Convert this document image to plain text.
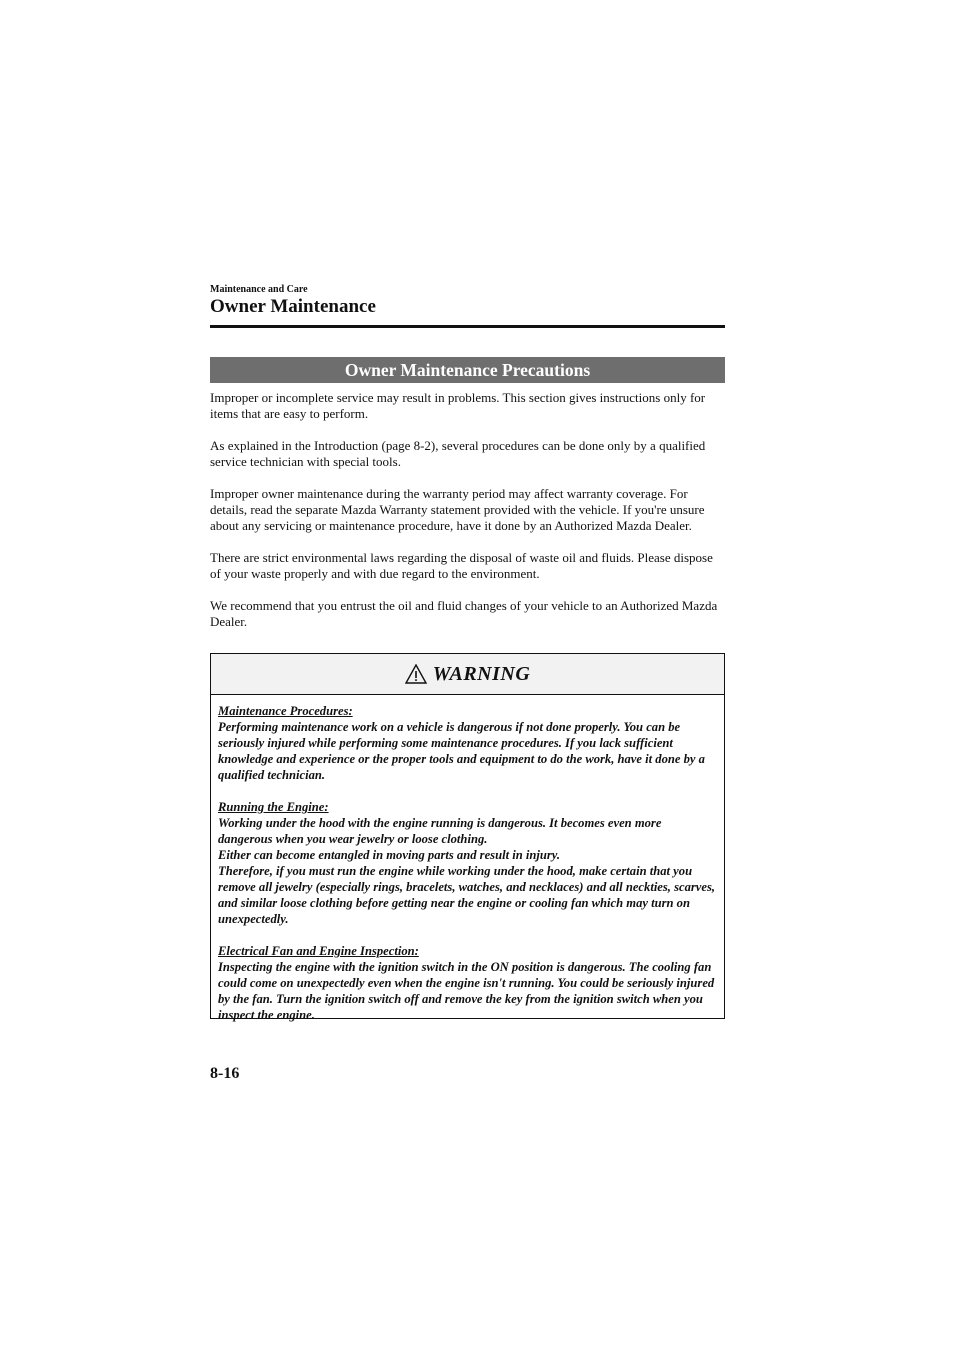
Maintenance and Care
Owner Maintenance
Owner Maintenance Precautions

Improper or incomplete service may result in problems. This section gives instructions only for items that are easy to perform.

As explained in the Introduction (page 8-2), several procedures can be done only by a qualified service technician with special tools.

Improper owner maintenance during the warranty period may affect warranty coverage. For details, read the separate Mazda Warranty statement provided with the vehicle. If you're unsure about any servicing or maintenance procedure, have it done by an Authorized Mazda Dealer.

There are strict environmental laws regarding the disposal of waste oil and fluids. Please dispose of your waste properly and with due regard to the environment.

We recommend that you entrust the oil and fluid changes of your vehicle to an Authorized Mazda Dealer.

WARNING
Maintenance Procedures:
Performing maintenance work on a vehicle is dangerous if not done properly. You can be seriously injured while performing some maintenance procedures. If you lack sufficient knowledge and experience or the proper tools and equipment to do the work, have it done by a qualified technician.
Running the Engine:
Working under the hood with the engine running is dangerous. It becomes even more dangerous when you wear jewelry or loose clothing.
Either can become entangled in moving parts and result in injury.
Therefore, if you must run the engine while working under the hood, make certain that you remove all jewelry (especially rings, bracelets, watches, and necklaces) and all neckties, scarves, and similar loose clothing before getting near the engine or cooling fan which may turn on unexpectedly.
Electrical Fan and Engine Inspection:
Inspecting the engine with the ignition switch in the ON position is dangerous. The cooling fan could come on unexpectedly even when the engine isn't running. You could be seriously injured by the fan. Turn the ignition switch off and remove the key from the ignition switch when you inspect the engine.
8-16
